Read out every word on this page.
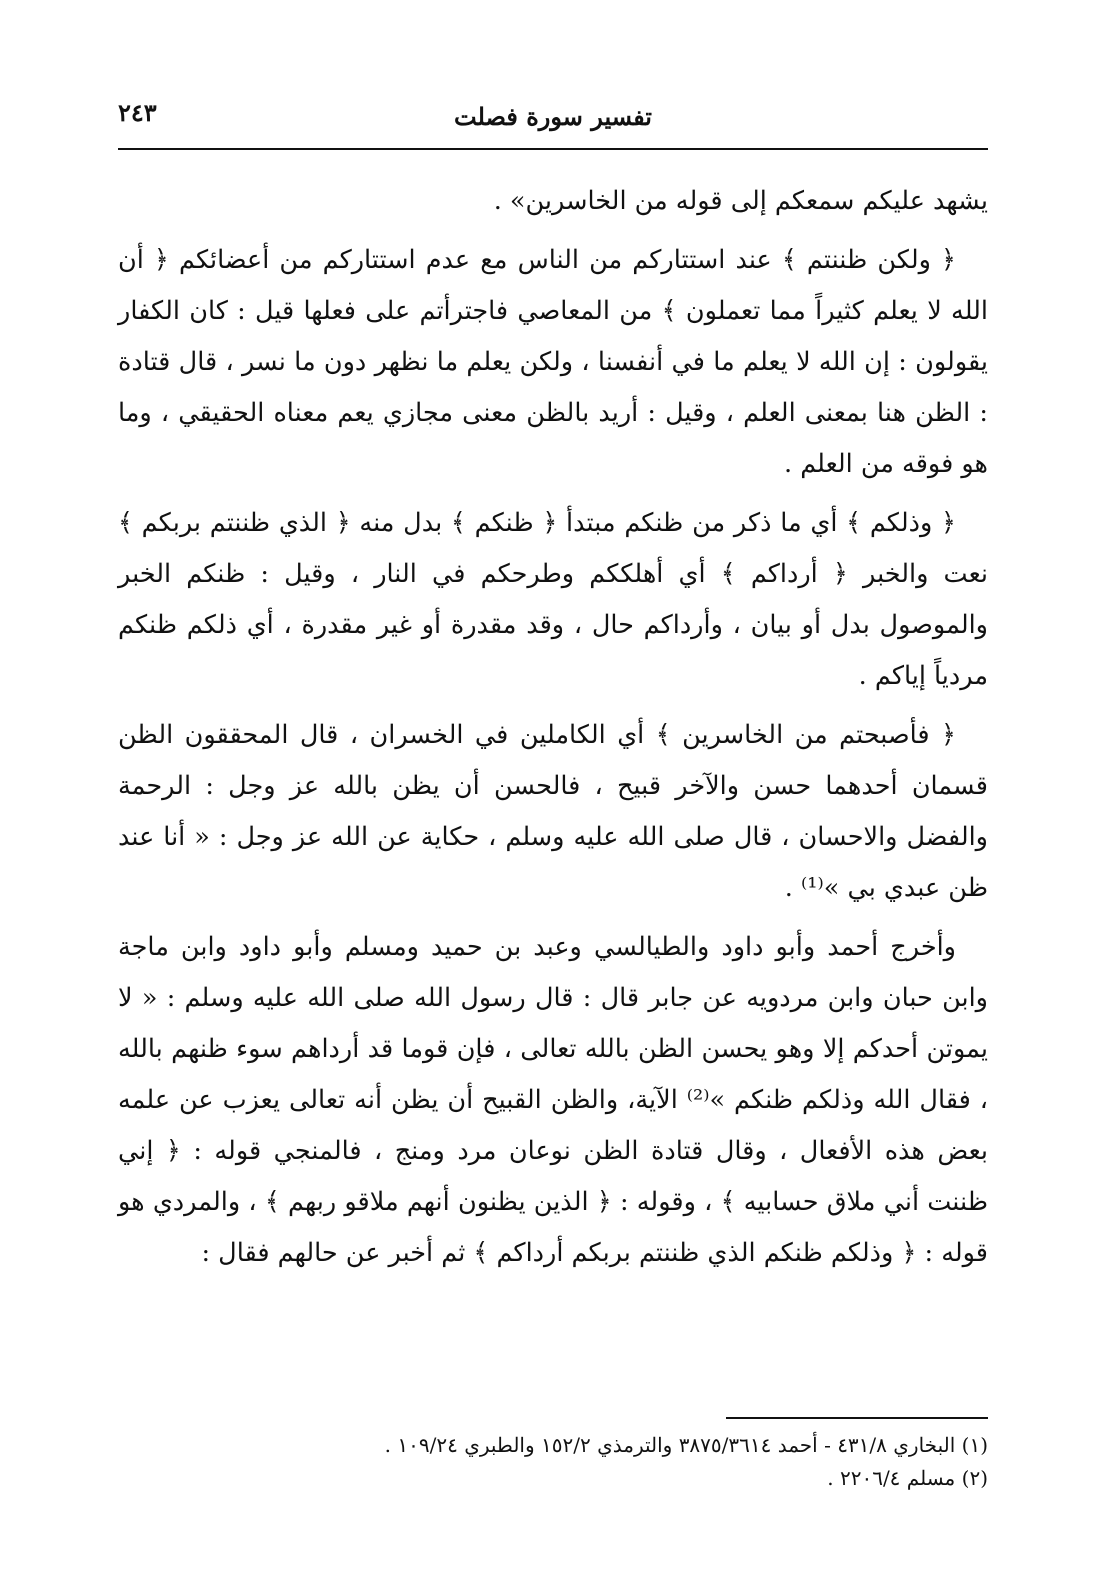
٢٤٣	تفسير سورة فصلت

يشهد عليكم سمعكم إلى قوله من الخاسرين» .

﴿ ولكن ظننتم ﴾ عند استتاركم من الناس مع عدم استتاركم من أعضائكم ﴿ أن الله لا يعلم كثيراً مما تعملون ﴾ من المعاصي فاجترأتم على فعلها قيل : كان الكفار يقولون : إن الله لا يعلم ما في أنفسنا ، ولكن يعلم ما نظهر دون ما نسر ، قال قتادة : الظن هنا بمعنى العلم ، وقيل : أريد بالظن معنى مجازي يعم معناه الحقيقي ، وما هو فوقه من العلم .

﴿ وذلكم ﴾ أي ما ذكر من ظنكم مبتدأ ﴿ ظنكم ﴾ بدل منه ﴿ الذي ظننتم بربكم ﴾ نعت والخبر ﴿ أرداكم ﴾ أي أهلككم وطرحكم في النار ، وقيل : ظنكم الخبر والموصول بدل أو بيان ، وأرداكم حال ، وقد مقدرة أو غير مقدرة ، أي ذلكم ظنكم مردياً إياكم .

﴿ فأصبحتم من الخاسرين ﴾ أي الكاملين في الخسران ، قال المحققون الظن قسمان أحدهما حسن والآخر قبيح ، فالحسن أن يظن بالله عز وجل : الرحمة والفضل والاحسان ، قال صلى الله عليه وسلم ، حكاية عن الله عز وجل : « أنا عند ظن عبدي بي »⁽¹⁾ .

وأخرج أحمد وأبو داود والطيالسي وعبد بن حميد ومسلم وأبو داود وابن ماجة وابن حبان وابن مردويه عن جابر قال : قال رسول الله صلى الله عليه وسلم : « لا يموتن أحدكم إلا وهو يحسن الظن بالله تعالى ، فإن قوما قد أرداهم سوء ظنهم بالله ، فقال الله وذلكم ظنكم »⁽²⁾ الآية، والظن القبيح أن يظن أنه تعالى يعزب عن علمه بعض هذه الأفعال ، وقال قتادة الظن نوعان مرد ومنج ، فالمنجي قوله : ﴿ إني ظننت أني ملاق حسابيه ﴾ ، وقوله : ﴿ الذين يظنون أنهم ملاقو ربهم ﴾ ، والمردي هو قوله : ﴿ وذلكم ظنكم الذي ظننتم بربكم أرداكم ﴾ ثم أخبر عن حالهم فقال :

(١) البخاري ٤٣١/٨ - أحمد ٣٨٧٥/٣٦١٤ والترمذي ١٥٢/٢ والطبري ١٠٩/٢٤ .

(٢) مسلم ٢٢٠٦/٤ .
